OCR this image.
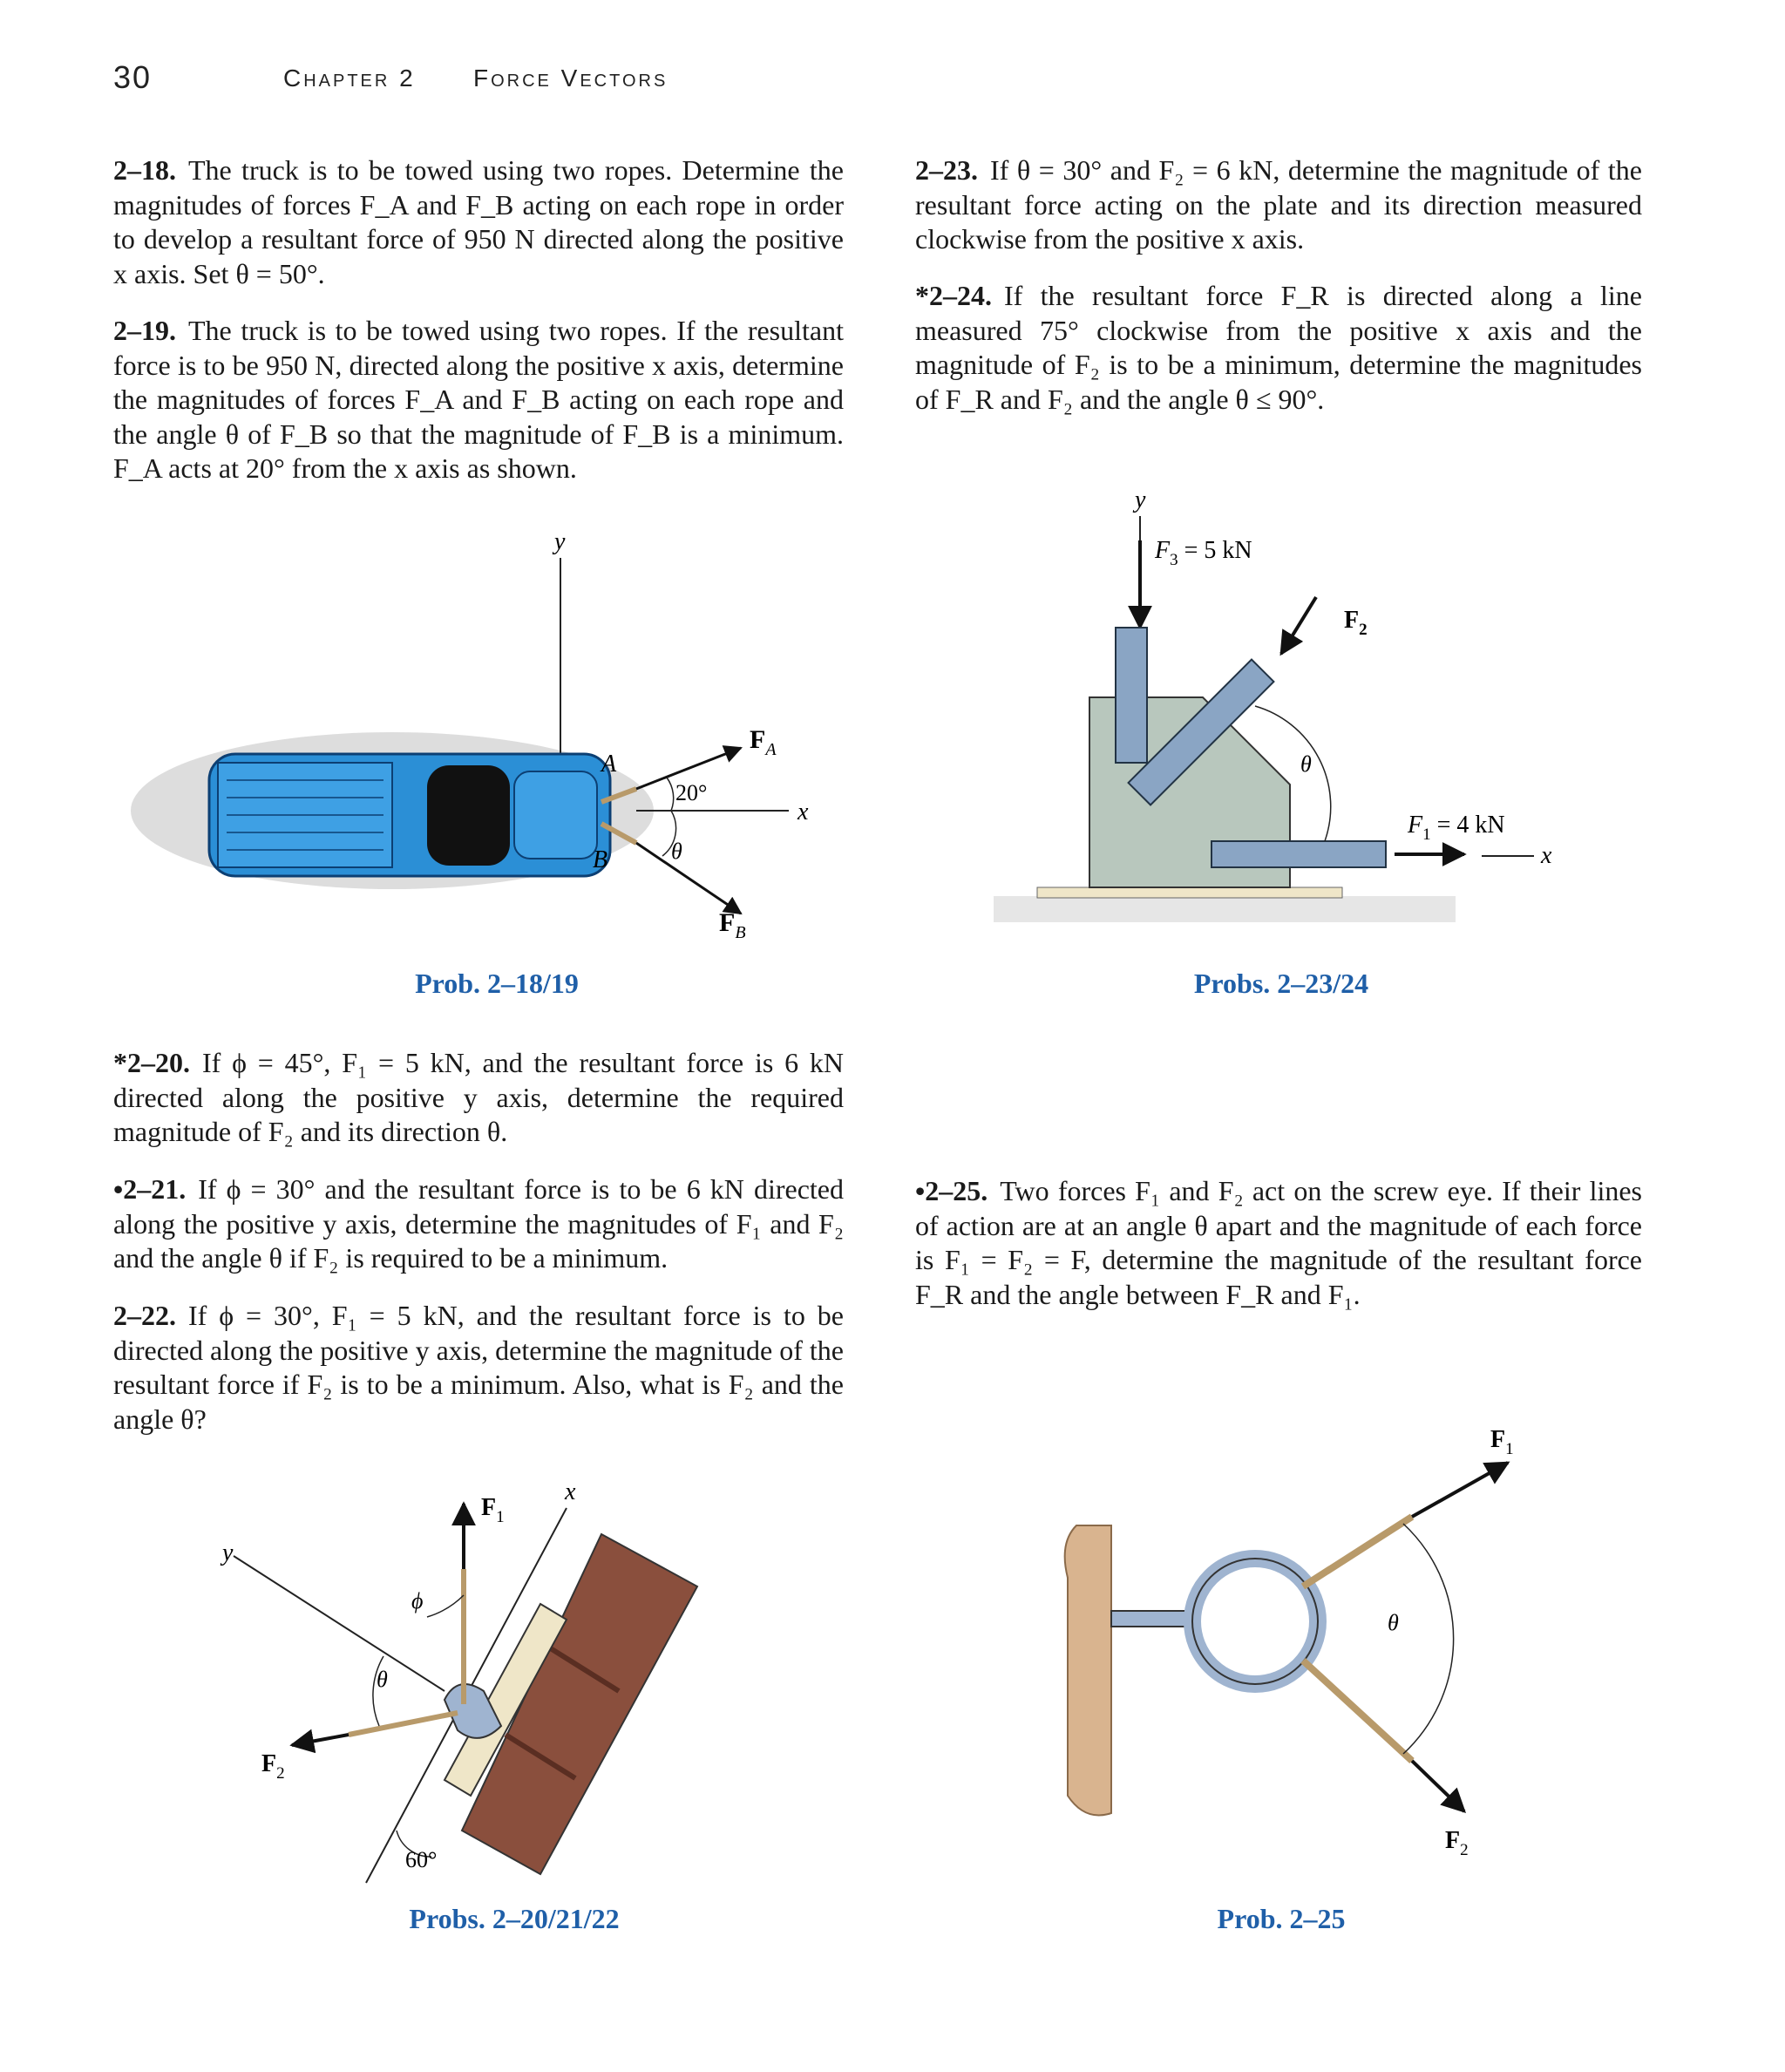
30	Chapter 2 Force Vectors
2–18. The truck is to be towed using two ropes. Determine the magnitudes of forces F_A and F_B acting on each rope in order to develop a resultant force of 950 N directed along the positive x axis. Set θ = 50°.
2–19. The truck is to be towed using two ropes. If the resultant force is to be 950 N, directed along the positive x axis, determine the magnitudes of forces F_A and F_B acting on each rope and the angle θ of F_B so that the magnitude of F_B is a minimum. F_A acts at 20° from the x axis as shown.
*2–20. If ϕ = 45°, F₁ = 5 kN, and the resultant force is 6 kN directed along the positive y axis, determine the required magnitude of F₂ and its direction θ.
•2–21. If ϕ = 30° and the resultant force is to be 6 kN directed along the positive y axis, determine the magnitudes of F₁ and F₂ and the angle θ if F₂ is required to be a minimum.
2–22. If ϕ = 30°, F₁ = 5 kN, and the resultant force is to be directed along the positive y axis, determine the magnitude of the resultant force if F₂ is to be a minimum. Also, what is F₂ and the angle θ?
2–23. If θ = 30° and F₂ = 6 kN, determine the magnitude of the resultant force acting on the plate and its direction measured clockwise from the positive x axis.
*2–24. If the resultant force F_R is directed along a line measured 75° clockwise from the positive x axis and the magnitude of F₂ is to be a minimum, determine the magnitudes of F_R and F₂ and the angle θ ≤ 90°.
•2–25. Two forces F₁ and F₂ act on the screw eye. If their lines of action are at an angle θ apart and the magnitude of each force is F₁ = F₂ = F, determine the magnitude of the resultant force F_R and the angle between F_R and F₁.
y
x
A
B
$F_A$
$F_B$
20°
θ
Prob. 2–18/19
y
$F_3 = 5$ kN
$F_2$
θ
$F_1 = 4$ kN
x
Probs. 2–23/24
x
y
$F_1$
$F_2$
ϕ
θ
60°
Probs. 2–20/21/22
$F_1$
$F_2$
θ
Prob. 2–25
